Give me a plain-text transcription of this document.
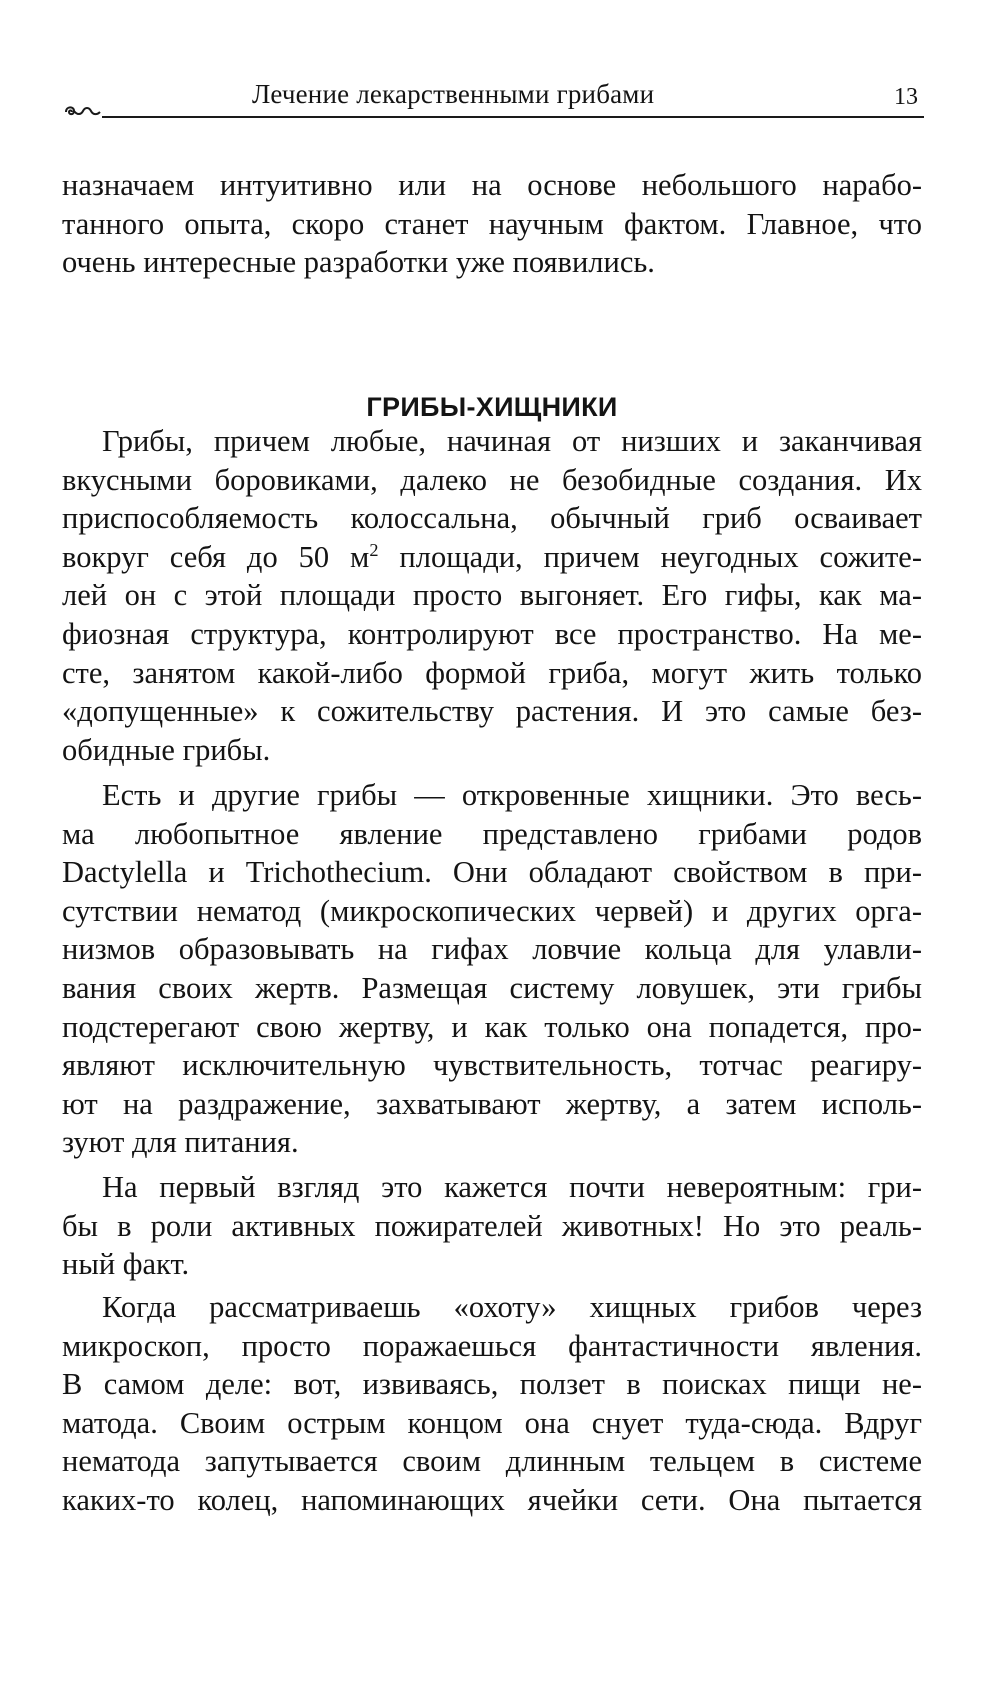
Лечение лекарственными грибами	13
назначаем интуитивно или на основе небольшого нарабо-
танного опыта, скоро станет научным фактом. Главное, что
очень интересные разработки уже появились.
ГРИБЫ-ХИЩНИКИ
Грибы, причем любые, начиная от низших и заканчивая
вкусными боровиками, далеко не безобидные создания. Их
приспособляемость колоссальна, обычный гриб осваивает
вокруг себя до 50 $м^2$ площади, причем неугодных сожите-
лей он с этой площади просто выгоняет. Его гифы, как ма-
фиозная структура, контролируют все пространство. На ме-
сте, занятом какой-либо формой гриба, могут жить только
«допущенные» к сожительству растения. И это самые без-
обидные грибы.
Есть и другие грибы — откровенные хищники. Это весь-
ма любопытное явление представлено грибами родов
Dactylella и Trichothecium. Они обладают свойством в при-
сутствии нематод (микроскопических червей) и других орга-
низмов образовывать на гифах ловчие кольца для улавли-
вания своих жертв. Размещая систему ловушек, эти грибы
подстерегают свою жертву, и как только она попадется, про-
являют исключительную чувствительность, тотчас реагиру-
ют на раздражение, захватывают жертву, а затем исполь-
зуют для питания.
На первый взгляд это кажется почти невероятным: гри-
бы в роли активных пожирателей животных! Но это реаль-
ный факт.
Когда рассматриваешь «охоту» хищных грибов через
микроскоп, просто поражаешься фантастичности явления.
В самом деле: вот, извиваясь, ползет в поисках пищи не-
матода. Своим острым концом она снует туда-сюда. Вдруг
нематода запутывается своим длинным тельцем в системе
каких-то колец, напоминающих ячейки сети. Она пытается
